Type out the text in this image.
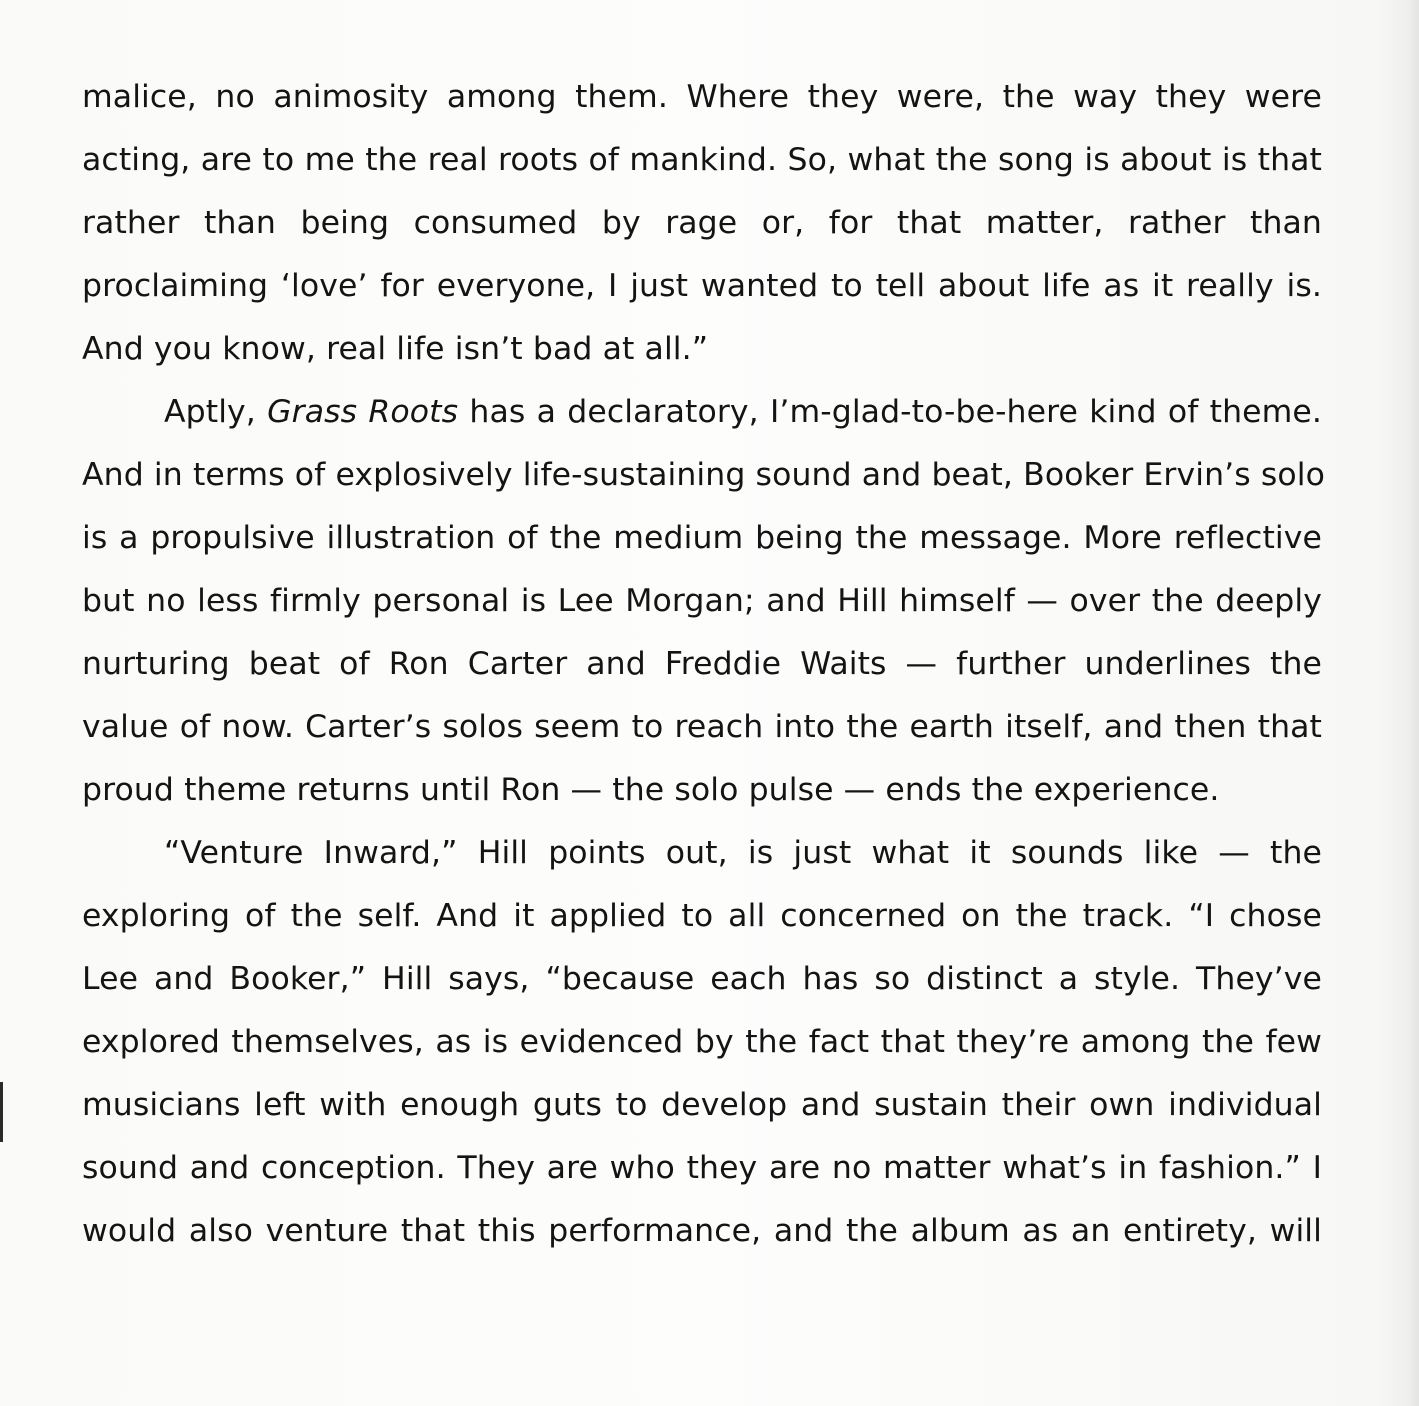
malice, no animosity among them. Where they were, the way they were
acting, are to me the real roots of mankind. So, what the song is about is that
rather than being consumed by rage or, for that matter, rather than
proclaiming ‘love’ for everyone, I just wanted to tell about life as it really is.
And you know, real life isn’t bad at all.”
Aptly, Grass Roots has a declaratory, I’m-glad-to-be-here kind of theme.
And in terms of explosively life-sustaining sound and beat, Booker Ervin’s solo
is a propulsive illustration of the medium being the message. More reflective
but no less firmly personal is Lee Morgan; and Hill himself — over the deeply
nurturing beat of Ron Carter and Freddie Waits — further underlines the
value of now. Carter’s solos seem to reach into the earth itself, and then that
proud theme returns until Ron — the solo pulse — ends the experience.
“Venture Inward,” Hill points out, is just what it sounds like — the
exploring of the self. And it applied to all concerned on the track. “I chose
Lee and Booker,” Hill says, “because each has so distinct a style. They’ve
explored themselves, as is evidenced by the fact that they’re among the few
musicians left with enough guts to develop and sustain their own individual
sound and conception. They are who they are no matter what’s in fashion.” I
would also venture that this performance, and the album as an entirety, will
